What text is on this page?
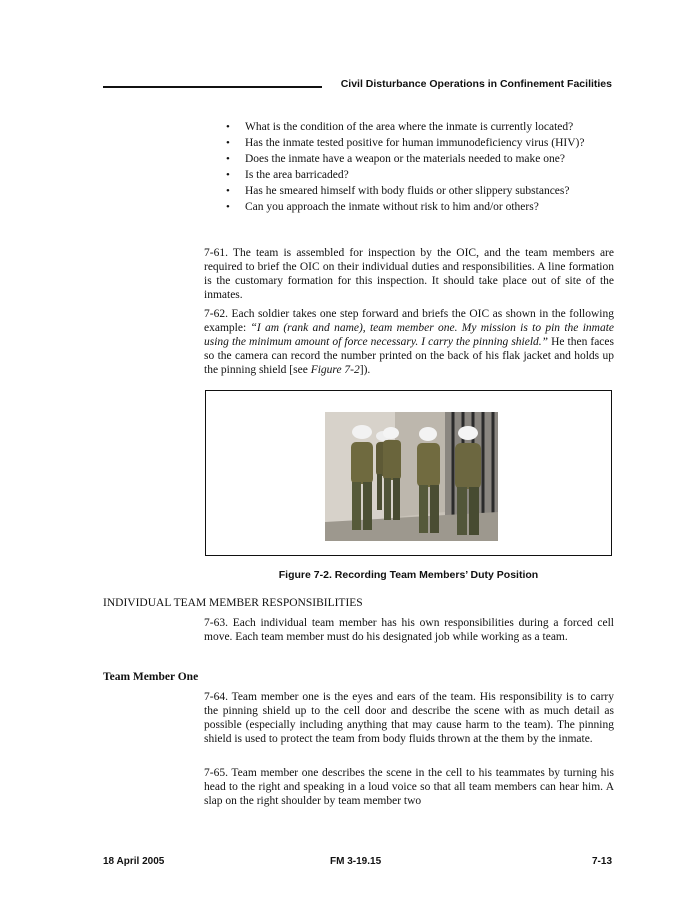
Civil Disturbance Operations in Confinement Facilities
• What is the condition of the area where the inmate is currently located?
• Has the inmate tested positive for human immunodeficiency virus (HIV)?
• Does the inmate have a weapon or the materials needed to make one?
• Is the area barricaded?
• Has he smeared himself with body fluids or other slippery substances?
• Can you approach the inmate without risk to him and/or others?

7-61. The team is assembled for inspection by the OIC, and the team members are required to brief the OIC on their individual duties and responsibilities. A line formation is the customary formation for this inspection. It should take place out of site of the inmates.

7-62. Each soldier takes one step forward and briefs the OIC as shown in the following example: “I am (rank and name), team member one. My mission is to pin the inmate using the minimum amount of force necessary. I carry the pinning shield.” He then faces so the camera can record the number printed on the back of his flak jacket and holds up the pinning shield [see Figure 7-2]).

Figure 7-2. Recording Team Members’ Duty Position
INDIVIDUAL TEAM MEMBER RESPONSIBILITIES

7-63. Each individual team member has his own responsibilities during a forced cell move. Each team member must do his designated job while working as a team.

Team Member One

7-64. Team member one is the eyes and ears of the team. His responsibility is to carry the pinning shield up to the cell door and describe the scene with as much detail as possible (especially including anything that may cause harm to the team). The pinning shield is used to protect the team from body fluids thrown at the them by the inmate.

7-65. Team member one describes the scene in the cell to his teammates by turning his head to the right and speaking in a loud voice so that all team members can hear him. A slap on the right shoulder by team member two

18 April 2005	FM 3-19.15	7-13
